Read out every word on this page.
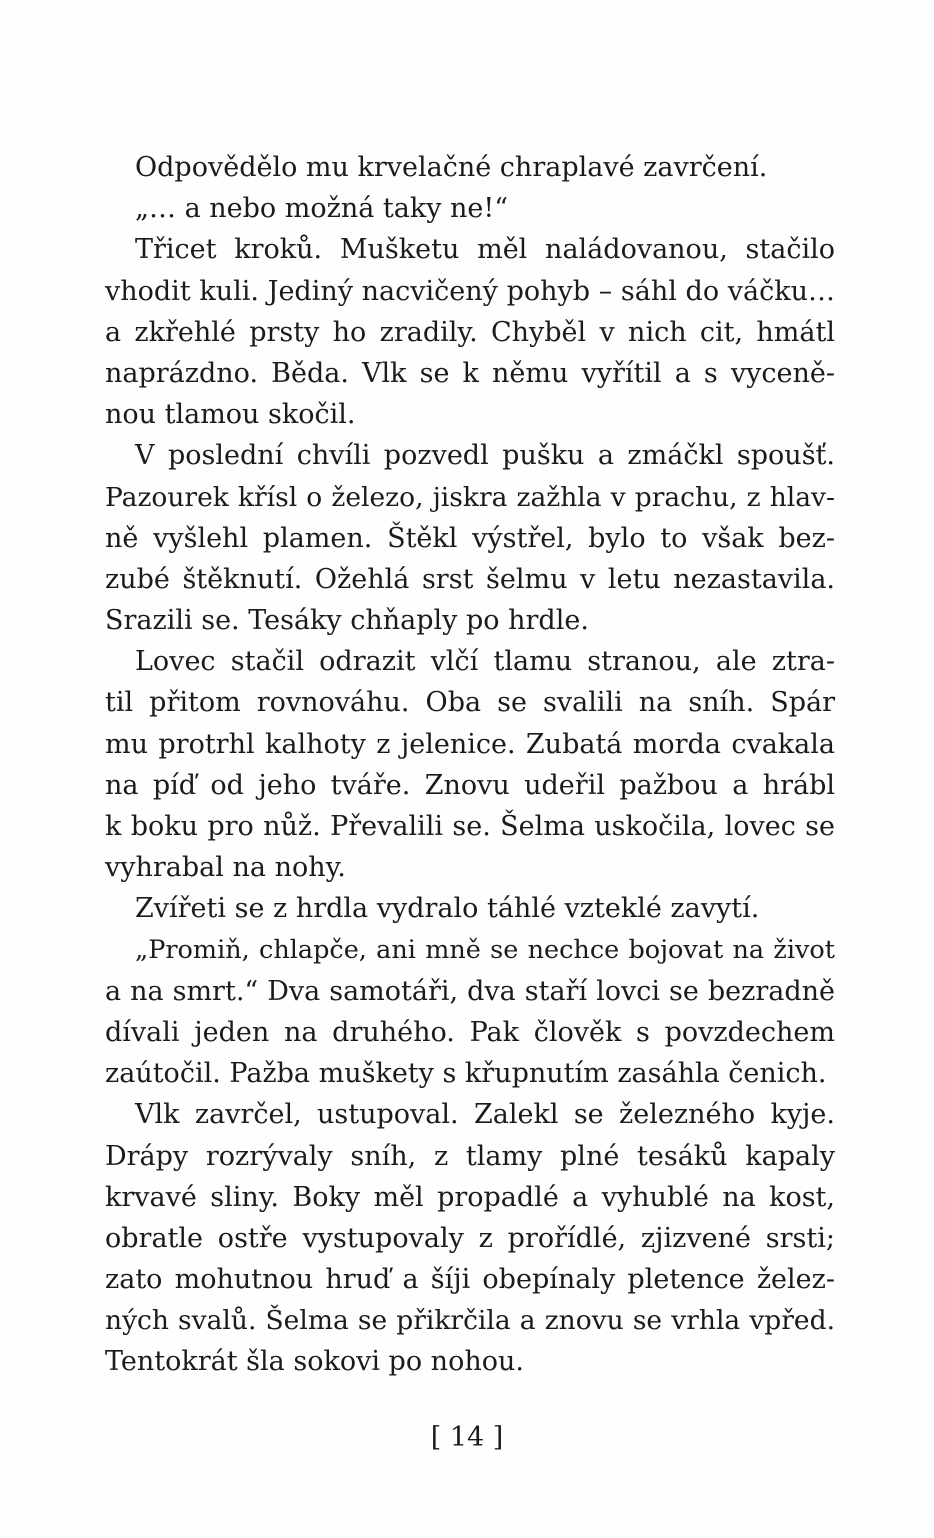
Odpovědělo mu krvelačné chraplavé zavrčení.
„… a nebo možná taky ne!“
Třicet kroků. Mušketu měl naládovanou, stačilo
vhodit kuli. Jediný nacvičený pohyb – sáhl do váčku…
a zkřehlé prsty ho zradily. Chyběl v nich cit, hmátl
naprázdno. Běda. Vlk se k němu vyřítil a s vyceně-
nou tlamou skočil.
V poslední chvíli pozvedl pušku a zmáčkl spoušť.
Pazourek křísl o železo, jiskra zažhla v prachu, z hlav-
ně vyšlehl plamen. Štěkl výstřel, bylo to však bez-
zubé štěknutí. Ožehlá srst šelmu v letu nezastavila.
Srazili se. Tesáky chňaply po hrdle.
Lovec stačil odrazit vlčí tlamu stranou, ale ztra-
til přitom rovnováhu. Oba se svalili na sníh. Spár
mu protrhl kalhoty z jelenice. Zubatá morda cvakala
na píď od jeho tváře. Znovu udeřil pažbou a hrábl
k boku pro nůž. Převalili se. Šelma uskočila, lovec se
vyhrabal na nohy.
Zvířeti se z hrdla vydralo táhlé vzteklé zavytí.
„Promiň, chlapče, ani mně se nechce bojovat na život
a na smrt.“ Dva samotáři, dva staří lovci se bezradně
dívali jeden na druhého. Pak člověk s povzdechem
zaútočil. Pažba muškety s křupnutím zasáhla čenich.
Vlk zavrčel, ustupoval. Zalekl se železného kyje.
Drápy rozrývaly sníh, z tlamy plné tesáků kapaly
krvavé sliny. Boky měl propadlé a vyhublé na kost,
obratle ostře vystupovaly z prořídlé, zjizvené srsti;
zato mohutnou hruď a šíji obepínaly pletence želez-
ných svalů. Šelma se přikrčila a znovu se vrhla vpřed.
Tentokrát šla sokovi po nohou.
[ 14 ]
